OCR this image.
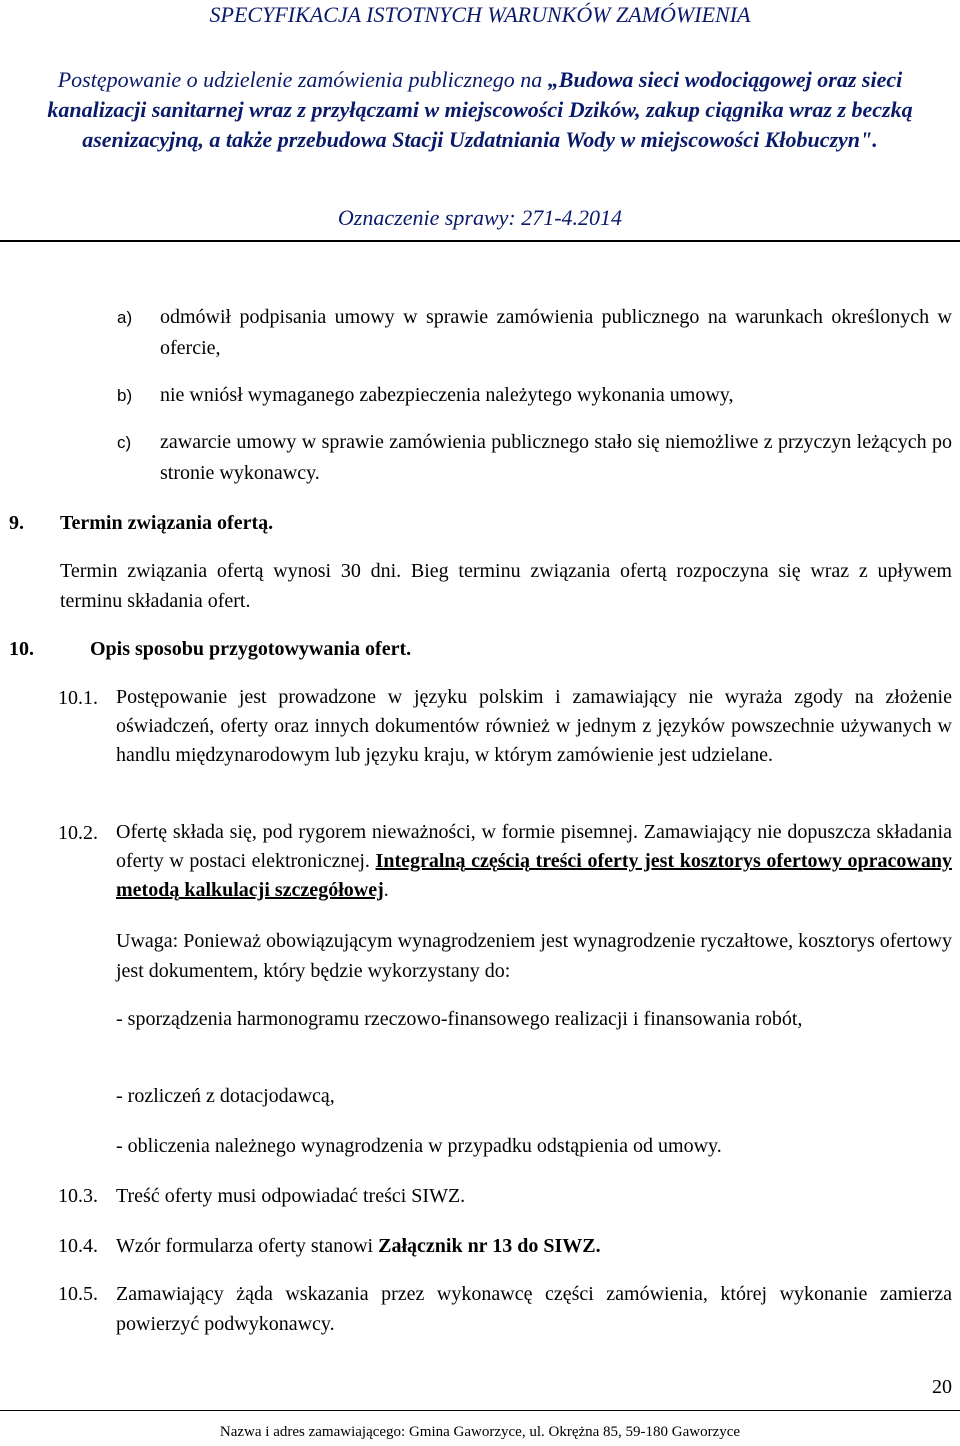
SPECYFIKACJA ISTOTNYCH WARUNKÓW ZAMÓWIENIA
Postępowanie o udzielenie zamówienia publicznego na „Budowa sieci wodociągowej oraz sieci kanalizacji sanitarnej wraz z przyłączami w miejscowości Dzików, zakup ciągnika wraz z beczką asenizacyjną, a także przebudowa Stacji Uzdatniania Wody w miejscowości Kłobuczyn".
Oznaczenie sprawy: 271-4.2014
a) odmówił podpisania umowy w sprawie zamówienia publicznego na warunkach określonych w ofercie,
b) nie wniósł wymaganego zabezpieczenia należytego wykonania umowy,
c) zawarcie umowy w sprawie zamówienia publicznego stało się niemożliwe z przyczyn leżących po stronie wykonawcy.
9. Termin związania ofertą.
Termin związania ofertą wynosi 30 dni. Bieg terminu związania ofertą rozpoczyna się wraz z upływem terminu składania ofert.
10.	Opis sposobu przygotowywania ofert.
10.1. Postępowanie jest prowadzone w języku polskim i zamawiający nie wyraża zgody na złożenie oświadczeń, oferty oraz innych dokumentów również w jednym z języków powszechnie używanych w handlu międzynarodowym lub języku kraju, w którym zamówienie jest udzielane.
10.2. Ofertę składa się, pod rygorem nieważności, w formie pisemnej. Zamawiający nie dopuszcza składania oferty w postaci elektronicznej. Integralną częścią treści oferty jest kosztorys ofertowy opracowany metodą kalkulacji szczegółowej.
Uwaga: Ponieważ obowiązującym wynagrodzeniem jest wynagrodzenie ryczałtowe, kosztorys ofertowy jest dokumentem, który będzie wykorzystany do:
- sporządzenia harmonogramu rzeczowo-finansowego realizacji i finansowania robót,
- rozliczeń z dotacjodawcą,
- obliczenia należnego wynagrodzenia w przypadku odstąpienia od umowy.
10.3. Treść oferty musi odpowiadać treści SIWZ.
10.4. Wzór formularza oferty stanowi Załącznik nr 13 do SIWZ.
10.5. Zamawiający żąda wskazania przez wykonawcę części zamówienia, której wykonanie zamierza powierzyć podwykonawcy.
20
Nazwa i adres zamawiającego: Gmina Gaworzyce, ul. Okrężna 85, 59-180 Gaworzyce
